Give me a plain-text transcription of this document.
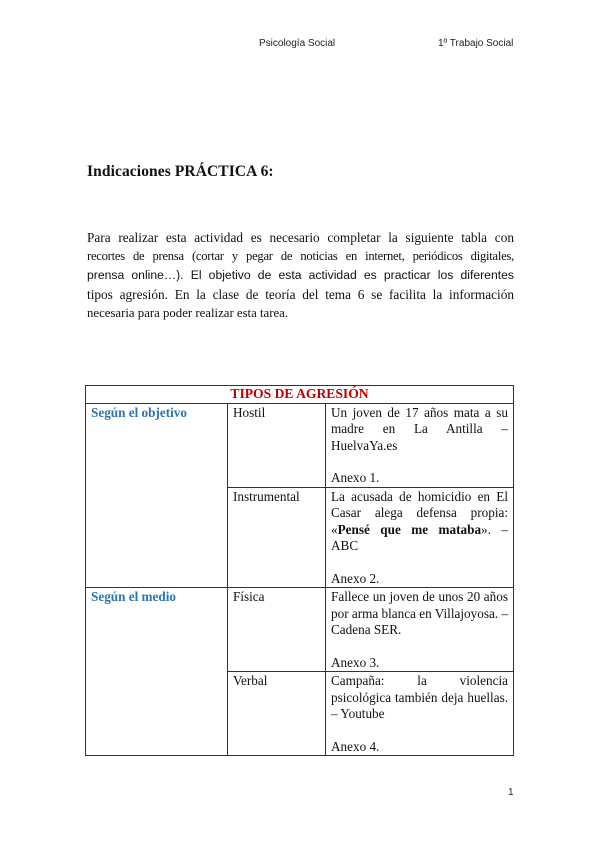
Psicología Social	1º Trabajo Social
Indicaciones PRÁCTICA 6:
Para realizar esta actividad es necesario completar la siguiente tabla con
recortes de prensa (cortar y pegar de noticias en internet, periódicos digitales,
prensa online…). El objetivo de esta actividad es practicar los diferentes
tipos agresión. En la clase de teoría del tema 6 se facilita la información
necesaria para poder realizar esta tarea.
TIPOS DE AGRESIÓN		
Según el objetivo	Hostil	Un joven de 17 años mata a su madre en La Antilla – HuelvaYa.es
Anexo 1.

	Instrumental	La acusada de homicidio en El Casar alega defensa propia: «Pensé que me mataba». – ABC
Anexo 2.

Según el medio	Física	Fallece un joven de unos 20 años por arma blanca en Villajoyosa. – Cadena SER.
Anexo 3.

	Verbal	Campaña: la violencia psicológica también deja huellas. – Youtube
Anexo 4.
1
